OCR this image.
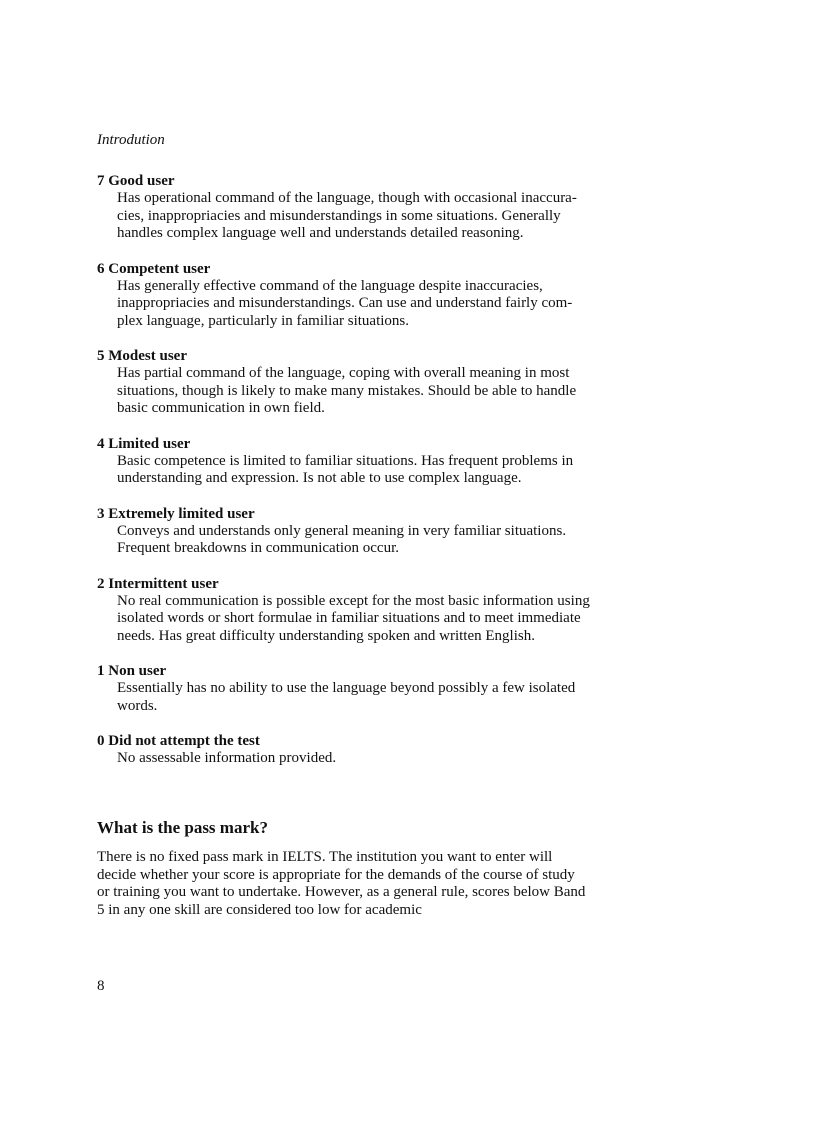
Introdution
7 Good user
Has operational command of the language, though with occasional inaccura-
cies, inappropriacies and misunderstandings in some situations. Generally
handles complex language well and understands detailed reasoning.
6 Competent user
Has generally effective command of the language despite inaccuracies,
inappropriacies and misunderstandings. Can use and understand fairly com-
plex language, particularly in familiar situations.
5 Modest user
Has partial command of the language, coping with overall meaning in most
situations, though is likely to make many mistakes. Should be able to handle
basic communication in own field.
4 Limited user
Basic competence is limited to familiar situations. Has frequent problems in
understanding and expression. Is not able to use complex language.
3 Extremely limited user
Conveys and understands only general meaning in very familiar situations.
Frequent breakdowns in communication occur.
2 Intermittent user
No real communication is possible except for the most basic information using
isolated words or short formulae in familiar situations and to meet immediate
needs. Has great difficulty understanding spoken and written English.
1 Non user
Essentially has no ability to use the language beyond possibly a few isolated
words.
0 Did not attempt the test
No assessable information provided.
What is the pass mark?
There is no fixed pass mark in IELTS. The institution you want to enter will
decide whether your score is appropriate for the demands of the course of study
or training you want to undertake. However, as a general rule, scores below Band
5 in any one skill are considered too low for academic
8
